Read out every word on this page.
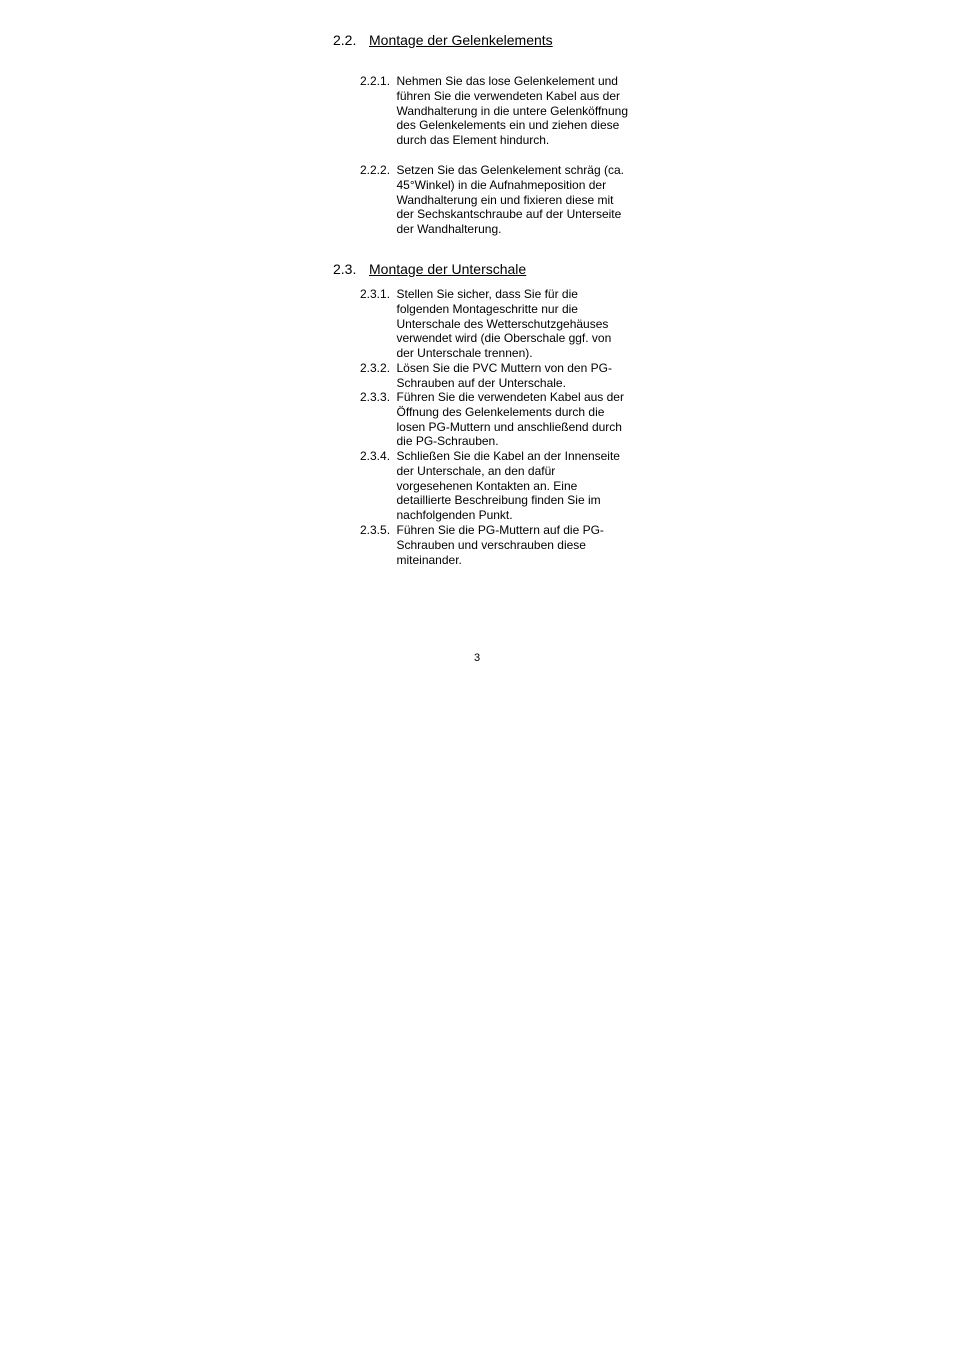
2.2. Montage der Gelenkelements
2.2.1. Nehmen Sie das lose Gelenkelement und führen Sie die verwendeten Kabel aus der Wandhalterung in die untere Gelenköffnung des Gelenkelements ein und ziehen diese durch das Element hindurch.
2.2.2. Setzen Sie das Gelenkelement schräg (ca. 45°Winkel) in die Aufnahmeposition der Wandhalterung ein und fixieren diese mit der Sechskantschraube auf der Unterseite der Wandhalterung.
2.3. Montage der Unterschale
2.3.1. Stellen Sie sicher, dass Sie für die folgenden Montageschritte nur die Unterschale des Wetterschutzgehäuses verwendet wird (die Oberschale ggf. von der Unterschale trennen).
2.3.2. Lösen Sie die PVC Muttern von den PG-Schrauben auf der Unterschale.
2.3.3. Führen Sie die verwendeten Kabel aus der Öffnung des Gelenkelements durch die losen PG-Muttern und anschließend durch die PG-Schrauben.
2.3.4. Schließen Sie die Kabel an der Innenseite der Unterschale, an den dafür vorgesehenen Kontakten an. Eine detaillierte Beschreibung finden Sie im nachfolgenden Punkt.
2.3.5. Führen Sie die PG-Muttern auf die PG-Schrauben und verschrauben diese miteinander.
3
